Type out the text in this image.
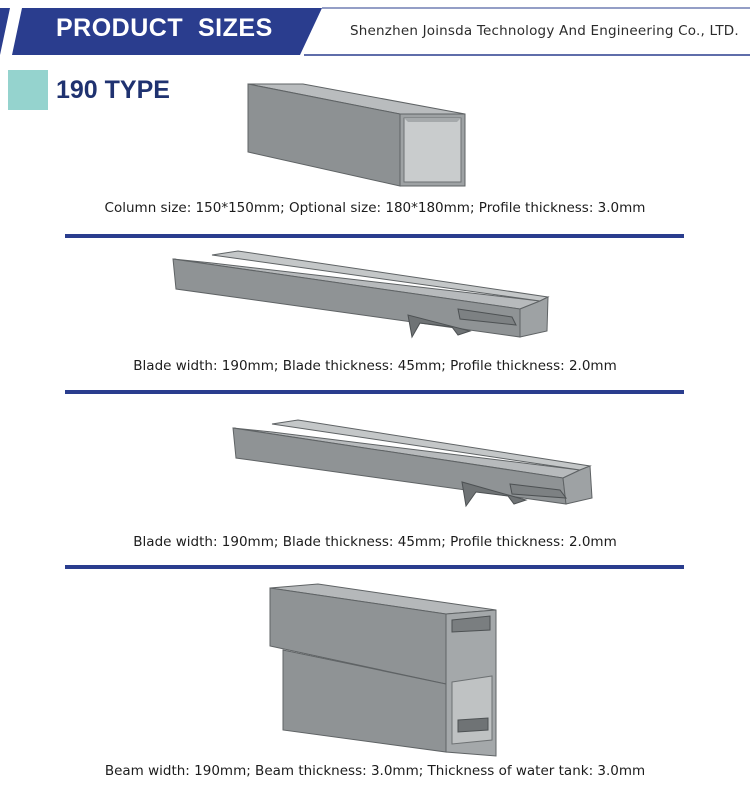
PRODUCT  SIZES	Shenzhen Joinsda Technology And Engineering Co., LTD.
190 TYPE
Column size: 150*150mm; Optional size: 180*180mm; Profile thickness: 3.0mm
Blade width: 190mm; Blade thickness: 45mm; Profile thickness: 2.0mm
Blade width: 190mm; Blade thickness: 45mm; Profile thickness: 2.0mm
Beam width: 190mm; Beam thickness: 3.0mm; Thickness of water tank: 3.0mm
